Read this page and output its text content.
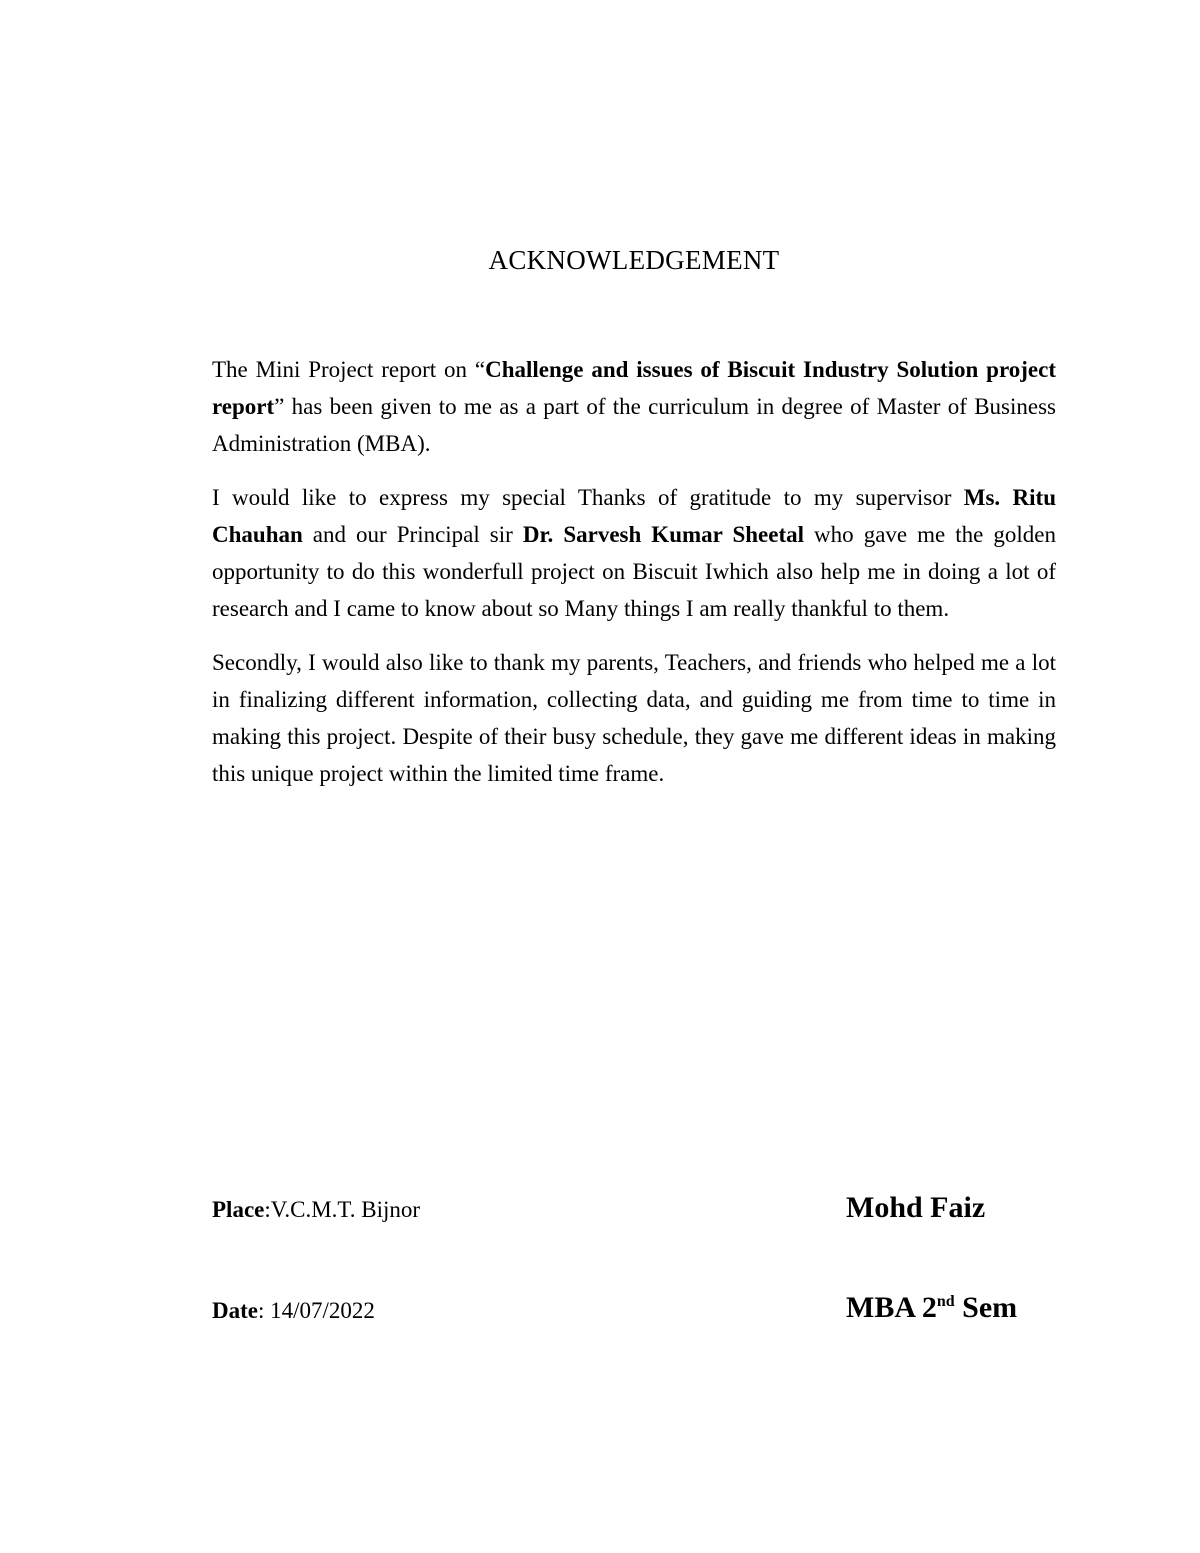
ACKNOWLEDGEMENT

The Mini Project report on “Challenge and issues of Biscuit Industry Solution project report” has been given to me as a part of the curriculum in degree of Master of Business Administration (MBA).

I would like to express my special Thanks of gratitude to my supervisor Ms. Ritu Chauhan and our Principal sir Dr. Sarvesh Kumar Sheetal who gave me the golden opportunity to do this wonderfull project on Biscuit Iwhich also help me in doing a lot of research and I came to know about so Many things I am really thankful to them.

Secondly, I would also like to thank my parents, Teachers, and friends who helped me a lot in finalizing different information, collecting data, and guiding me from time to time in making this project. Despite of their busy schedule, they gave me different ideas in making this unique project within the limited time frame.

Place:V.C.M.T. Bijnor
Date: 14/07/2022
Mohd Faiz
MBA 2nd Sem
